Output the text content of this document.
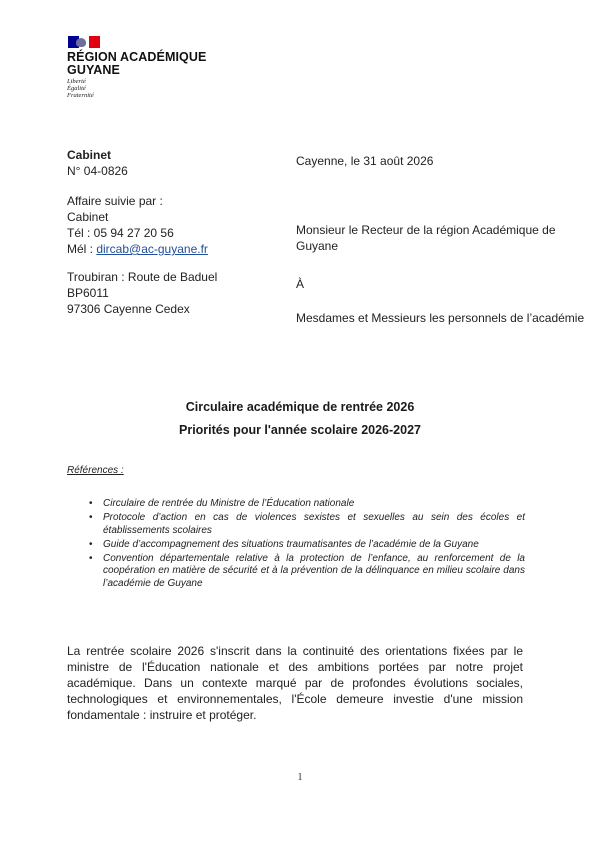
RÉGION ACADÉMIQUE
GUYANE
Liberté
Égalité
Fraternité
Cabinet
N° 04-0826
Affaire suivie par :
Cabinet
Tél : 05 94 27 20 56
Mél : dircab@ac-guyane.fr
Troubiran : Route de Baduel
BP6011
97306 Cayenne Cedex
Cayenne, le 31 août 2026
Monsieur le Recteur de la région Académique de
Guyane
À
Mesdames et Messieurs les personnels de l’académie
Circulaire académique de rentrée 2026
Priorités pour l'année scolaire 2026-2027
Références :
• Circulaire de rentrée du Ministre de l’Éducation nationale
• Protocole d’action en cas de violences sexistes et sexuelles au sein des écoles et établissements scolaires
• Guide d’accompagnement des situations traumatisantes de l’académie de la Guyane
• Convention départementale relative à la protection de l’enfance, au renforcement de la coopération en matière de sécurité et à la prévention de la délinquance en milieu scolaire dans l’académie de Guyane
La rentrée scolaire 2026 s'inscrit dans la continuité des orientations fixées par le ministre de l'Éducation nationale et des ambitions portées par notre projet académique. Dans un contexte marqué par de profondes évolutions sociales, technologiques et environnementales, l'École demeure investie d'une mission fondamentale : instruire et protéger.
1
